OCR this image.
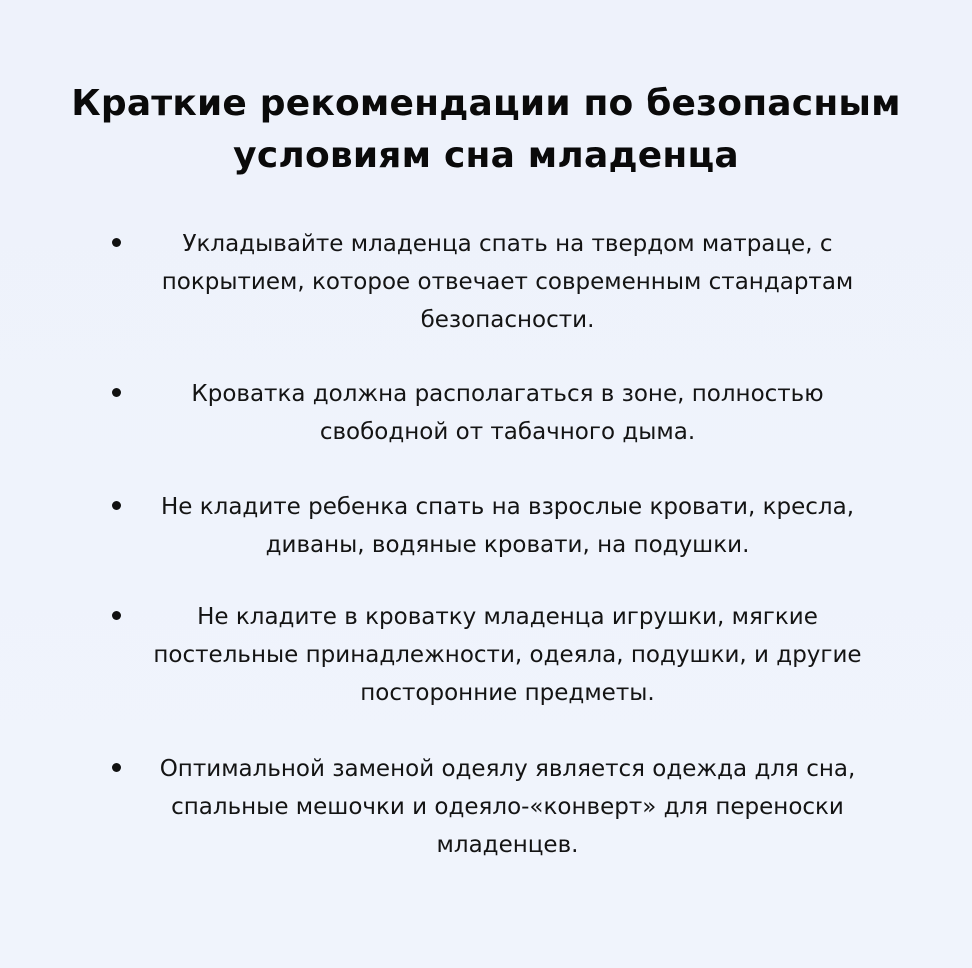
Краткие рекомендации по безопасным условиям сна младенца
Укладывайте младенца спать на твердом матраце, с покрытием, которое отвечает современным стандартам безопасности.
Кроватка должна располагаться в зоне, полностью свободной от табачного дыма.
Не кладите ребенка спать на взрослые кровати, кресла, диваны, водяные кровати, на подушки.
Не кладите в кроватку младенца игрушки, мягкие постельные принадлежности, одеяла, подушки, и другие посторонние предметы.
Оптимальной заменой одеялу является одежда для сна, спальные мешочки и одеяло-«конверт» для переноски младенцев.
